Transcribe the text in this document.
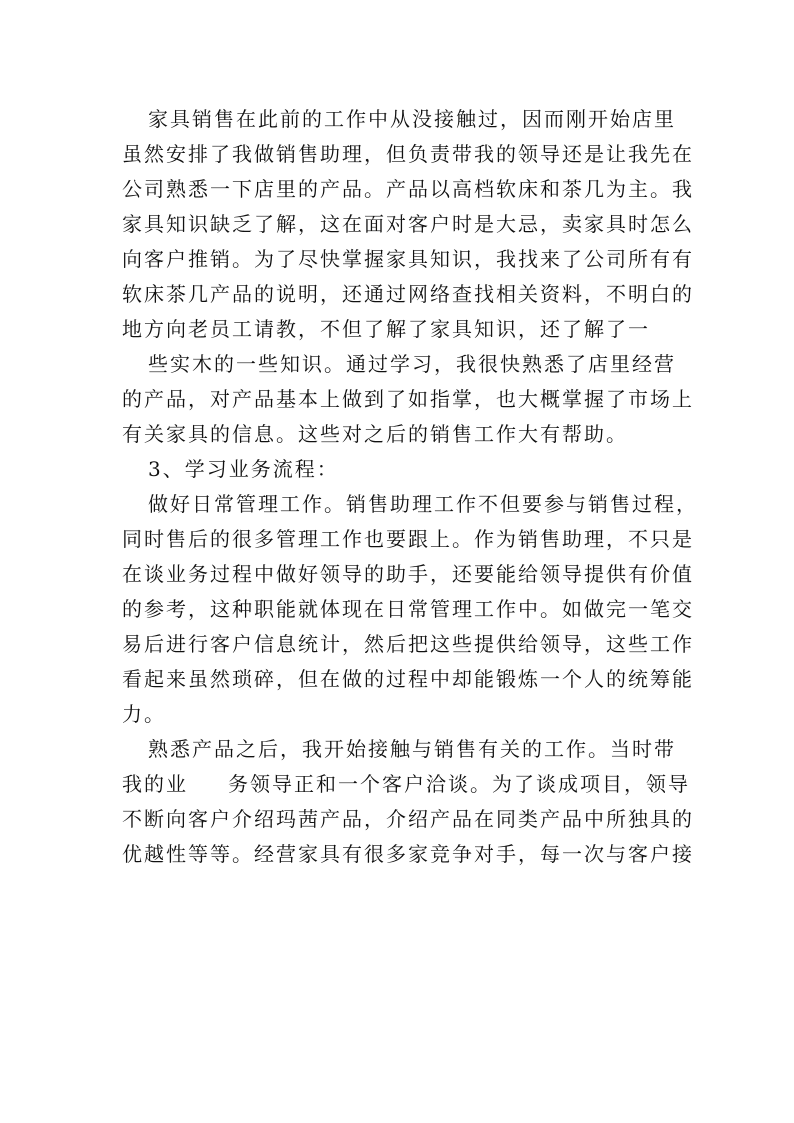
家具销售在此前的工作中从没接触过，因而刚开始店里
虽然安排了我做销售助理，但负责带我的领导还是让我先在
公司熟悉一下店里的产品。产品以高档软床和茶几为主。我
家具知识缺乏了解，这在面对客户时是大忌，卖家具时怎么
向客户推销。为了尽快掌握家具知识，我找来了公司所有有
软床茶几产品的说明，还通过网络查找相关资料，不明白的
地方向老员工请教，不但了解了家具知识，还了解了一
些实木的一些知识。通过学习，我很快熟悉了店里经营
的产品，对产品基本上做到了如指掌，也大概掌握了市场上
有关家具的信息。这些对之后的销售工作大有帮助。
3、学习业务流程：
做好日常管理工作。销售助理工作不但要参与销售过程，
同时售后的很多管理工作也要跟上。作为销售助理，不只是
在谈业务过程中做好领导的助手，还要能给领导提供有价值
的参考，这种职能就体现在日常管理工作中。如做完一笔交
易后进行客户信息统计，然后把这些提供给领导，这些工作
看起来虽然琐碎，但在做的过程中却能锻炼一个人的统筹能
力。
熟悉产品之后，我开始接触与销售有关的工作。当时带
我的业 务领导正和一个客户洽谈。为了谈成项目，领导
不断向客户介绍玛茜产品，介绍产品在同类产品中所独具的
优越性等等。经营家具有很多家竞争对手，每一次与客户接
